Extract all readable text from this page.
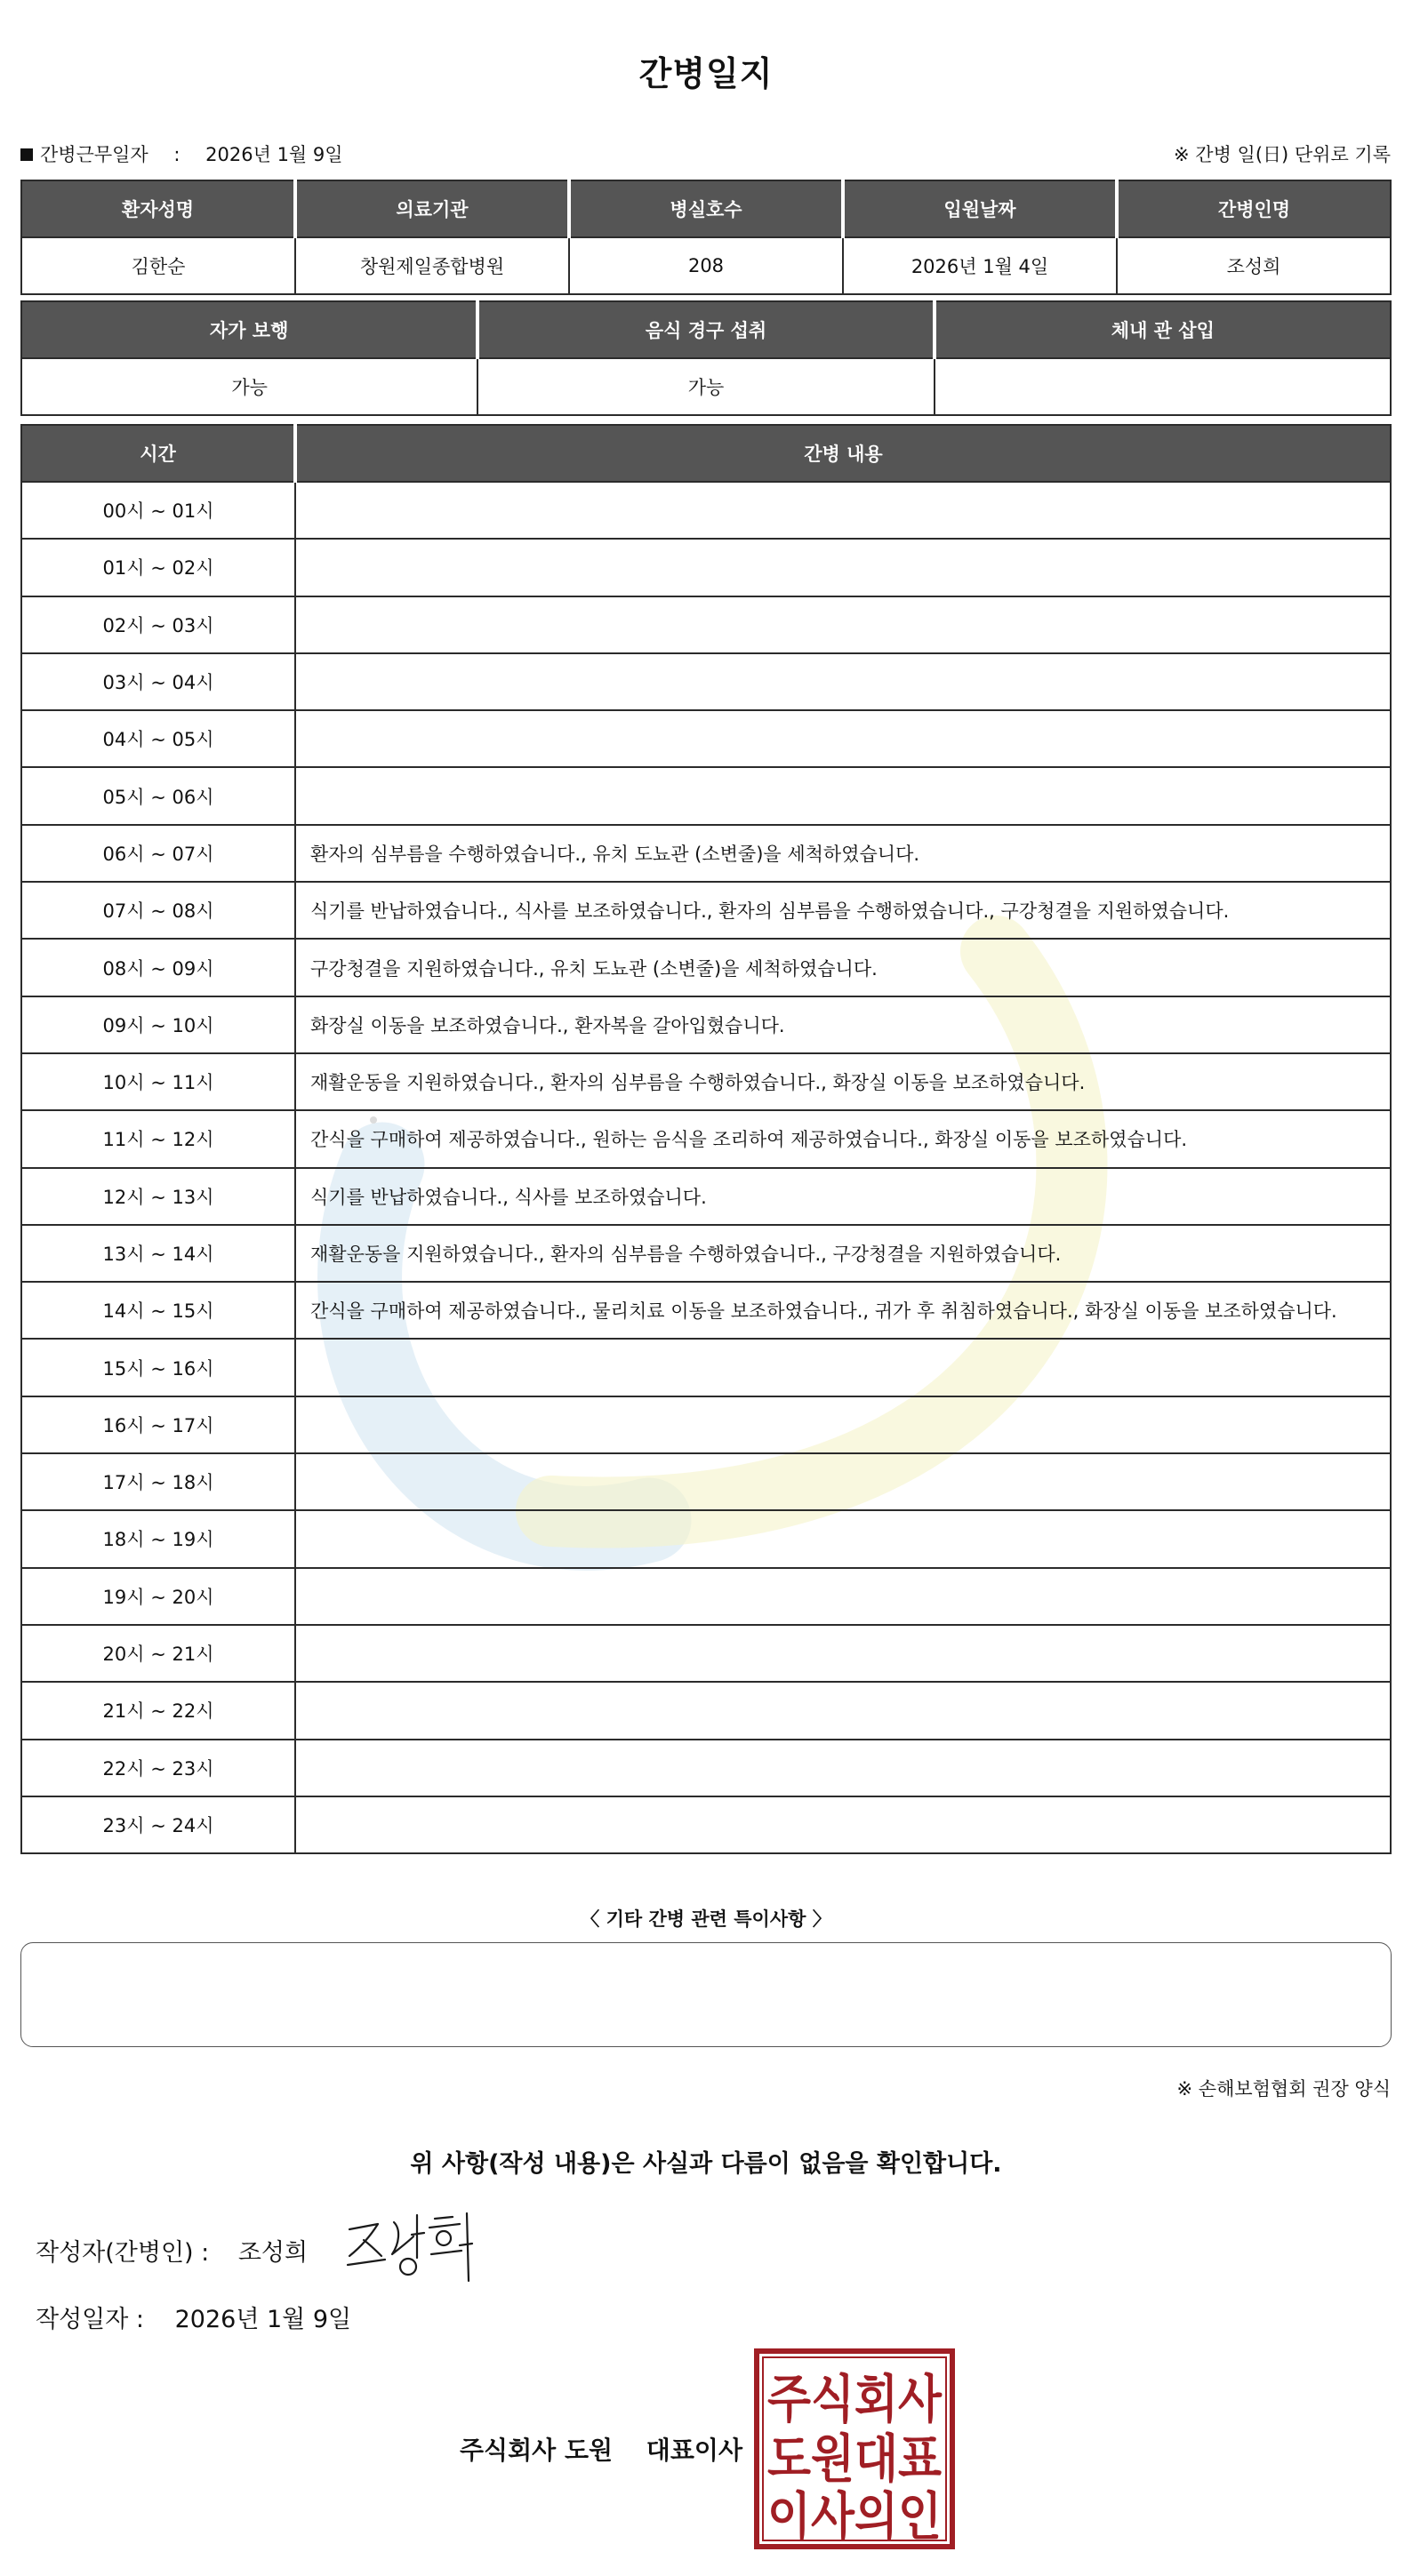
간병일지
간병근무일자 : 2026년 1월 9일	※ 간병 일(日) 단위로 기록
환자성명	의료기관	병실호수	입원날짜	간병인명
김한순	창원제일종합병원	208	2026년 1월 4일	조성희
자가 보행	음식 경구 섭취	체내 관 삽입
가능	가능	
시간	간병 내용
00시 ~ 01시	
01시 ~ 02시	
02시 ~ 03시	
03시 ~ 04시	
04시 ~ 05시	
05시 ~ 06시	
06시 ~ 07시	환자의 심부름을 수행하였습니다., 유치 도뇨관 (소변줄)을 세척하였습니다.
07시 ~ 08시	식기를 반납하였습니다., 식사를 보조하였습니다., 환자의 심부름을 수행하였습니다., 구강청결을 지원하였습니다.
08시 ~ 09시	구강청결을 지원하였습니다., 유치 도뇨관 (소변줄)을 세척하였습니다.
09시 ~ 10시	화장실 이동을 보조하였습니다., 환자복을 갈아입혔습니다.
10시 ~ 11시	재활운동을 지원하였습니다., 환자의 심부름을 수행하였습니다., 화장실 이동을 보조하였습니다.
11시 ~ 12시	간식을 구매하여 제공하였습니다., 원하는 음식을 조리하여 제공하였습니다., 화장실 이동을 보조하였습니다.
12시 ~ 13시	식기를 반납하였습니다., 식사를 보조하였습니다.
13시 ~ 14시	재활운동을 지원하였습니다., 환자의 심부름을 수행하였습니다., 구강청결을 지원하였습니다.
14시 ~ 15시	간식을 구매하여 제공하였습니다., 물리치료 이동을 보조하였습니다., 귀가 후 취침하였습니다., 화장실 이동을 보조하였습니다.
15시 ~ 16시	
16시 ~ 17시	
17시 ~ 18시	
18시 ~ 19시	
19시 ~ 20시	
20시 ~ 21시	
21시 ~ 22시	
22시 ~ 23시	
23시 ~ 24시	
〈 기타 간병 관련 특이사항 〉
※ 손해보험협회 권장 양식
위 사항(작성 내용)은 사실과 다름이 없음을 확인합니다.
작성자(간병인) : 조성희
작성일자 : 2026년 1월 9일
주식회사 도원 대표이사
주식회사
도원대표
이사의인
